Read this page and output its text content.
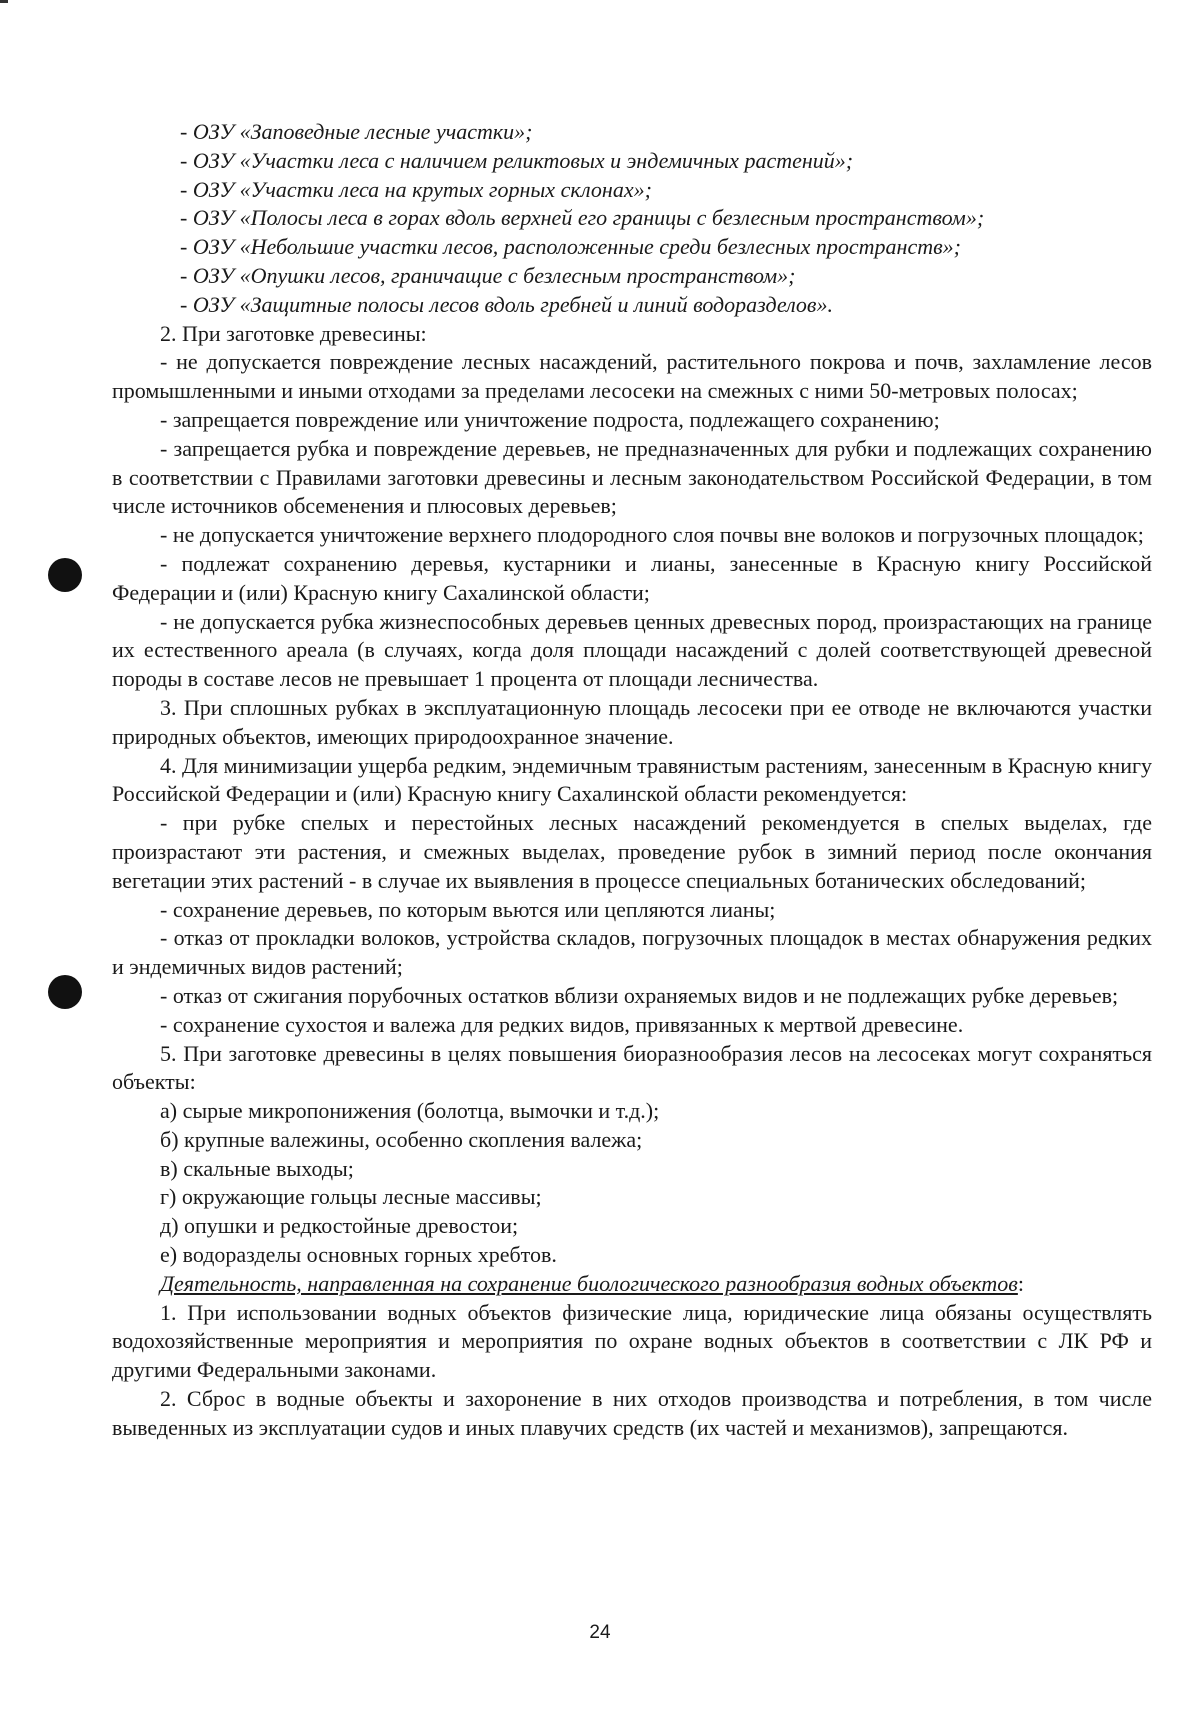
- ОЗУ «Заповедные лесные участки»;

- ОЗУ «Участки леса с наличием реликтовых и эндемичных растений»;

- ОЗУ «Участки леса на крутых горных склонах»;

- ОЗУ «Полосы леса в горах вдоль верхней его границы с безлесным пространством»;

- ОЗУ «Небольшие участки лесов, расположенные среди безлесных пространств»;

- ОЗУ «Опушки лесов, граничащие с безлесным пространством»;

- ОЗУ «Защитные полосы лесов вдоль гребней и линий водоразделов».

2. При заготовке древесины:

- не допускается повреждение лесных насаждений, растительного покрова и почв, захламление лесов промышленными и иными отходами за пределами лесосеки на смежных с ними 50-метровых полосах;

- запрещается повреждение или уничтожение подроста, подлежащего сохранению;

- запрещается рубка и повреждение деревьев, не предназначенных для рубки и подлежащих сохранению в соответствии с Правилами заготовки древесины и лесным законодательством Российской Федерации, в том числе источников обсеменения и плюсовых деревьев;

- не допускается уничтожение верхнего плодородного слоя почвы вне волоков и погрузочных площадок;

- подлежат сохранению деревья, кустарники и лианы, занесенные в Красную книгу Российской Федерации и (или) Красную книгу Сахалинской области;

- не допускается рубка жизнеспособных деревьев ценных древесных пород, произрастающих на границе их естественного ареала (в случаях, когда доля площади насаждений с долей соответствующей древесной породы в составе лесов не превышает 1 процента от площади лесничества.

3. При сплошных рубках в эксплуатационную площадь лесосеки при ее отводе не включаются участки природных объектов, имеющих природоохранное значение.

4. Для минимизации ущерба редким, эндемичным травянистым растениям, занесенным в Красную книгу Российской Федерации и (или) Красную книгу Сахалинской области рекомендуется:

- при рубке спелых и перестойных лесных насаждений рекомендуется в спелых выделах, где произрастают эти растения, и смежных выделах, проведение рубок в зимний период после окончания вегетации этих растений - в случае их выявления в процессе специальных ботанических обследований;

- сохранение деревьев, по которым вьются или цепляются лианы;

- отказ от прокладки волоков, устройства складов, погрузочных площадок в местах обнаружения редких и эндемичных видов растений;

- отказ от сжигания порубочных остатков вблизи охраняемых видов и не подлежащих рубке деревьев;

- сохранение сухостоя и валежа для редких видов, привязанных к мертвой древесине.

5. При заготовке древесины в целях повышения биоразнообразия лесов на лесосеках могут сохраняться объекты:

а) сырые микропонижения (болотца, вымочки и т.д.);

б) крупные валежины, особенно скопления валежа;

в) скальные выходы;

г) окружающие гольцы лесные массивы;

д) опушки и редкостойные древостои;

е) водоразделы основных горных хребтов.

Деятельность, направленная на сохранение биологического разнообразия водных объектов:

1. При использовании водных объектов физические лица, юридические лица обязаны осуществлять водохозяйственные мероприятия и мероприятия по охране водных объектов в соответствии с ЛК РФ и другими Федеральными законами.

2. Сброс в водные объекты и захоронение в них отходов производства и потребления, в том числе выведенных из эксплуатации судов и иных плавучих средств (их частей и механизмов), запрещаются.

24
